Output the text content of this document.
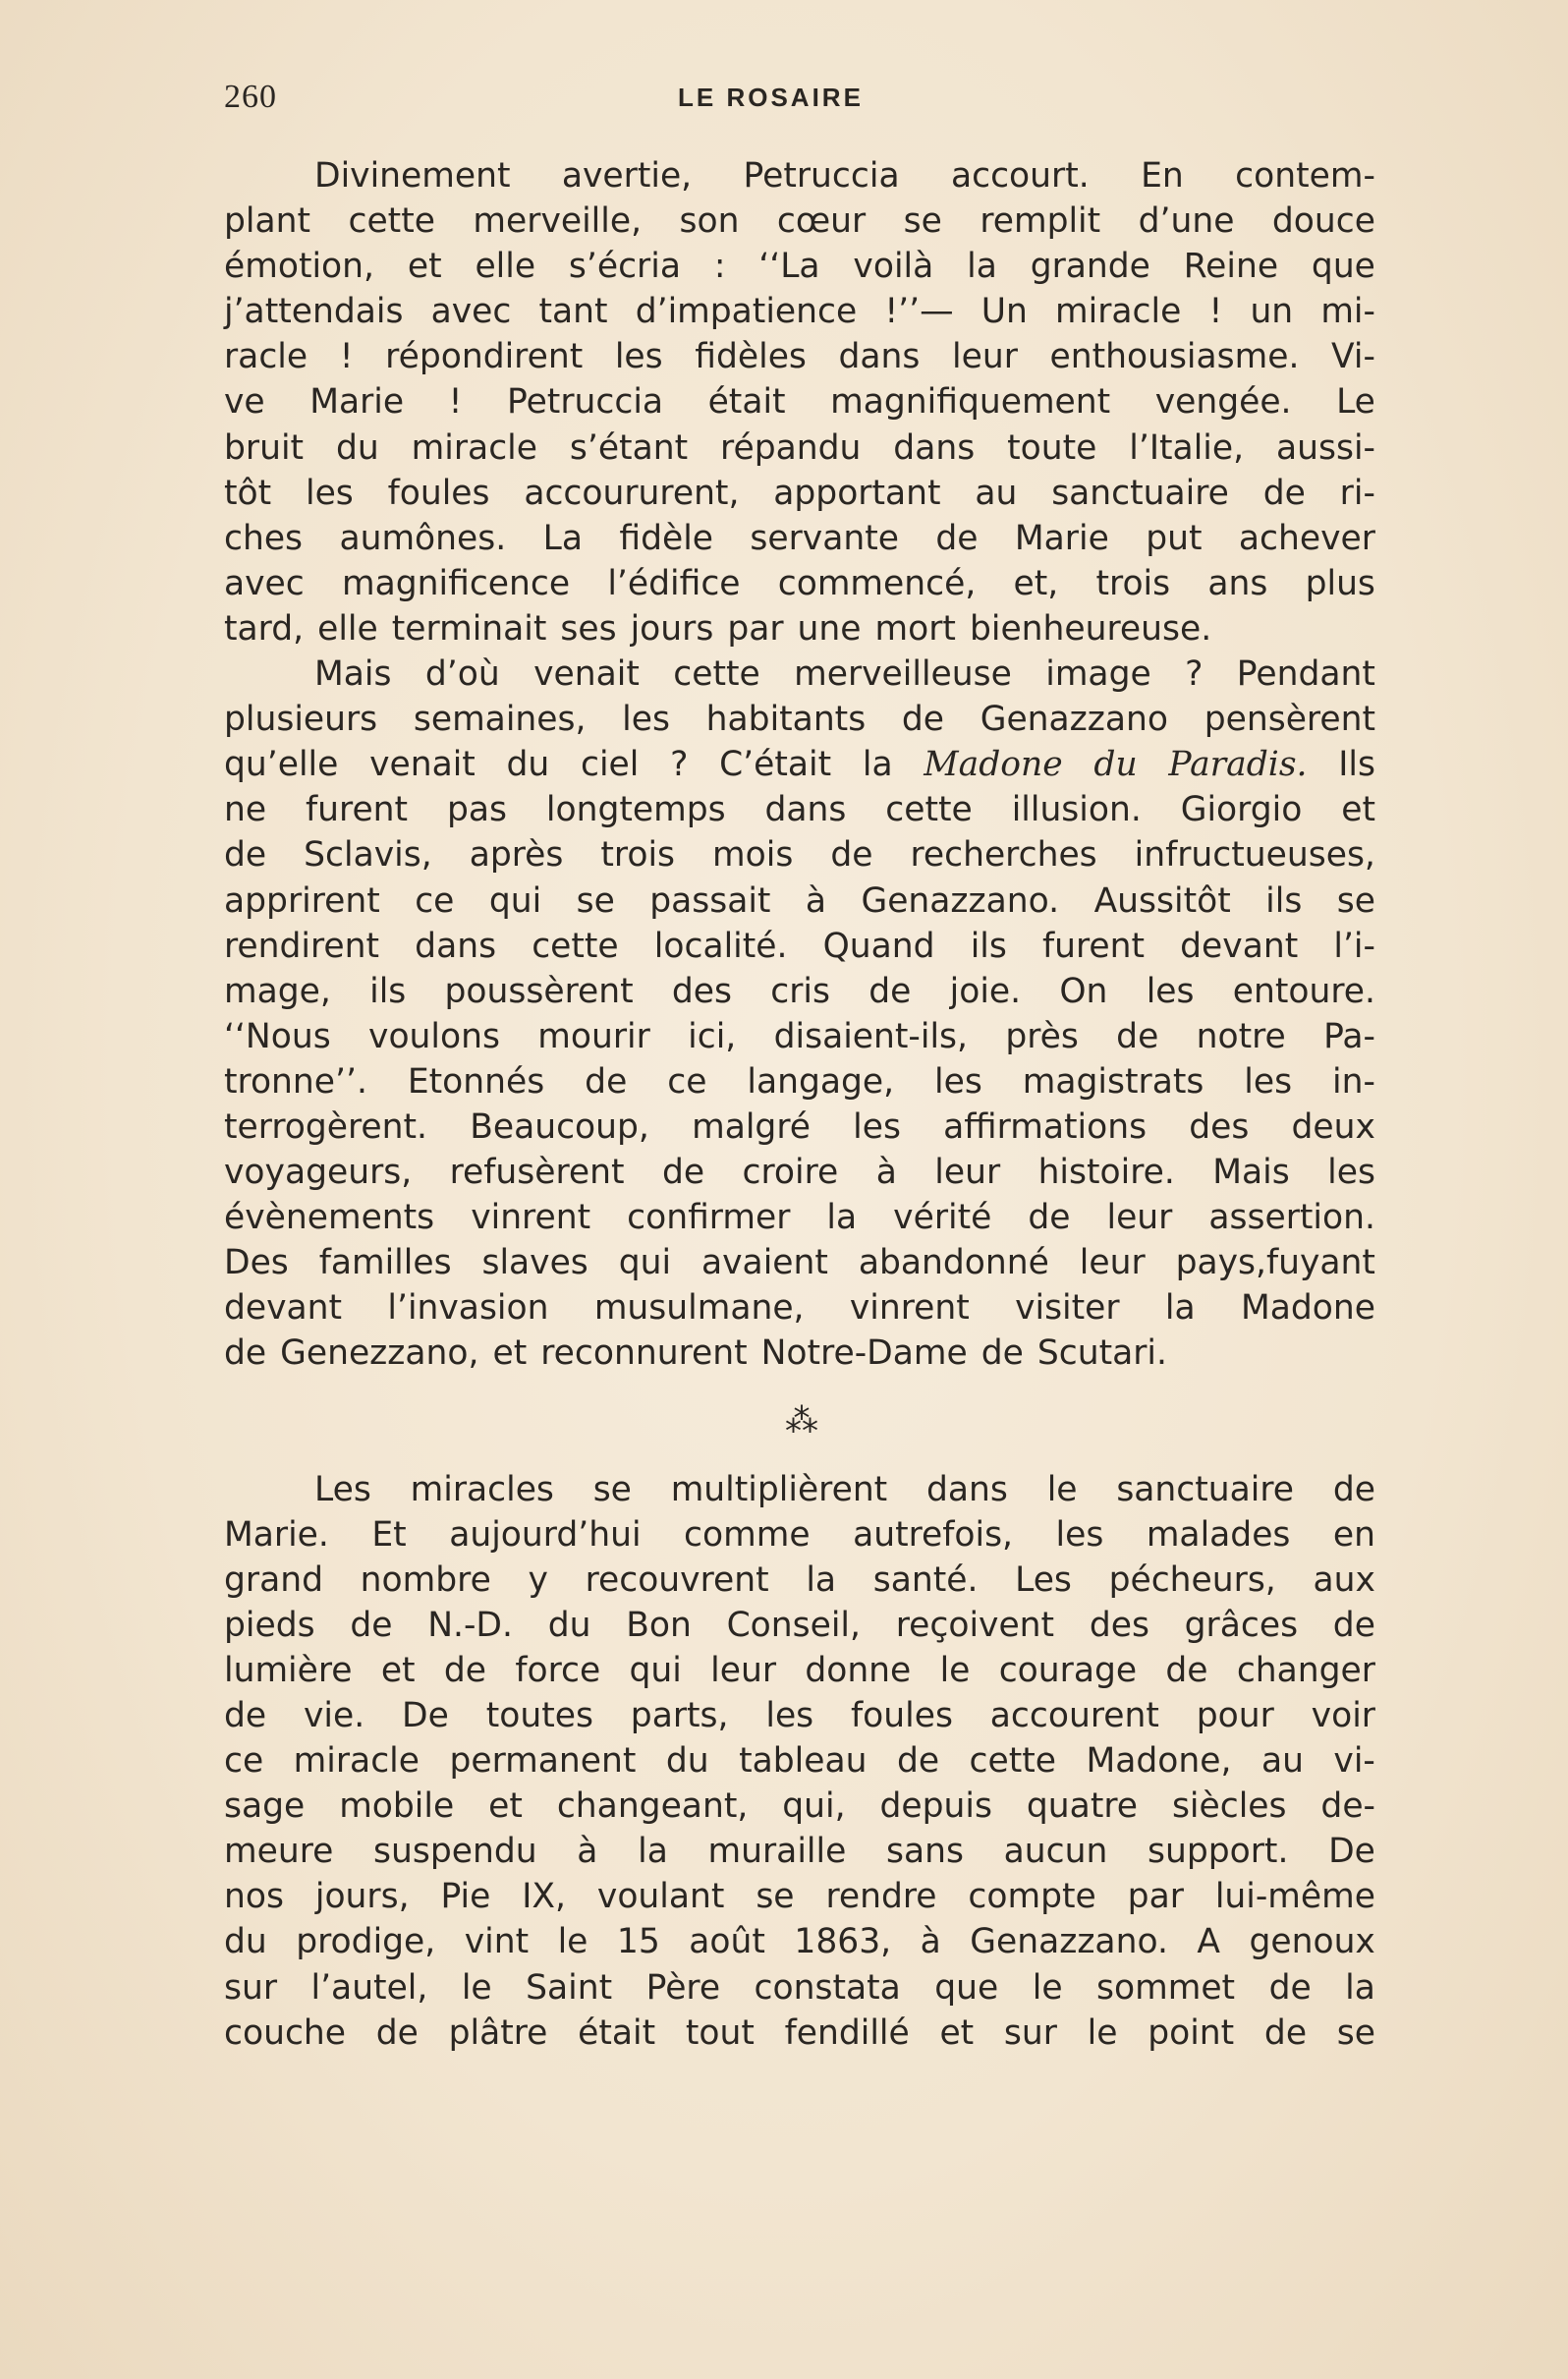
260	LE ROSAIRE
Divinement avertie, Petruccia accourt. En contem-
plant cette merveille, son cœur se remplit d’une douce
émotion, et elle s’écria : ‘‘La voilà la grande Reine que
j’attendais avec tant d’impatience !’’— Un miracle ! un mi-
racle ! répondirent les fidèles dans leur enthousiasme. Vi-
ve Marie ! Petruccia était magnifiquement vengée. Le
bruit du miracle s’étant répandu dans toute l’Italie, aussi-
tôt les foules accoururent, apportant au sanctuaire de ri-
ches aumônes. La fidèle servante de Marie put achever
avec magnificence l’édifice commencé, et, trois ans plus
tard, elle terminait ses jours par une mort bienheureuse.
Mais d’où venait cette merveilleuse image ? Pendant
plusieurs semaines, les habitants de Genazzano pensèrent
qu’elle venait du ciel ? C’était la Madone du Paradis. Ils
ne furent pas longtemps dans cette illusion. Giorgio et
de Sclavis, après trois mois de recherches infructueuses,
apprirent ce qui se passait à Genazzano. Aussitôt ils se
rendirent dans cette localité. Quand ils furent devant l’i-
mage, ils poussèrent des cris de joie. On les entoure.
‘‘Nous voulons mourir ici, disaient-ils, près de notre Pa-
tronne’’. Etonnés de ce langage, les magistrats les in-
terrogèrent. Beaucoup, malgré les affirmations des deux
voyageurs, refusèrent de croire à leur histoire. Mais les
évènements vinrent confirmer la vérité de leur assertion.
Des familles slaves qui avaient abandonné leur pays,fuyant
devant l’invasion musulmane, vinrent visiter la Madone
de Genezzano, et reconnurent Notre-Dame de Scutari.
⁂
Les miracles se multiplièrent dans le sanctuaire de
Marie. Et aujourd’hui comme autrefois, les malades en
grand nombre y recouvrent la santé. Les pécheurs, aux
pieds de N.-D. du Bon Conseil, reçoivent des grâces de
lumière et de force qui leur donne le courage de changer
de vie. De toutes parts, les foules accourent pour voir
ce miracle permanent du tableau de cette Madone, au vi-
sage mobile et changeant, qui, depuis quatre siècles de-
meure suspendu à la muraille sans aucun support. De
nos jours, Pie IX, voulant se rendre compte par lui-même
du prodige, vint le 15 août 1863, à Genazzano. A genoux
sur l’autel, le Saint Père constata que le sommet de la
couche de plâtre était tout fendillé et sur le point de se
